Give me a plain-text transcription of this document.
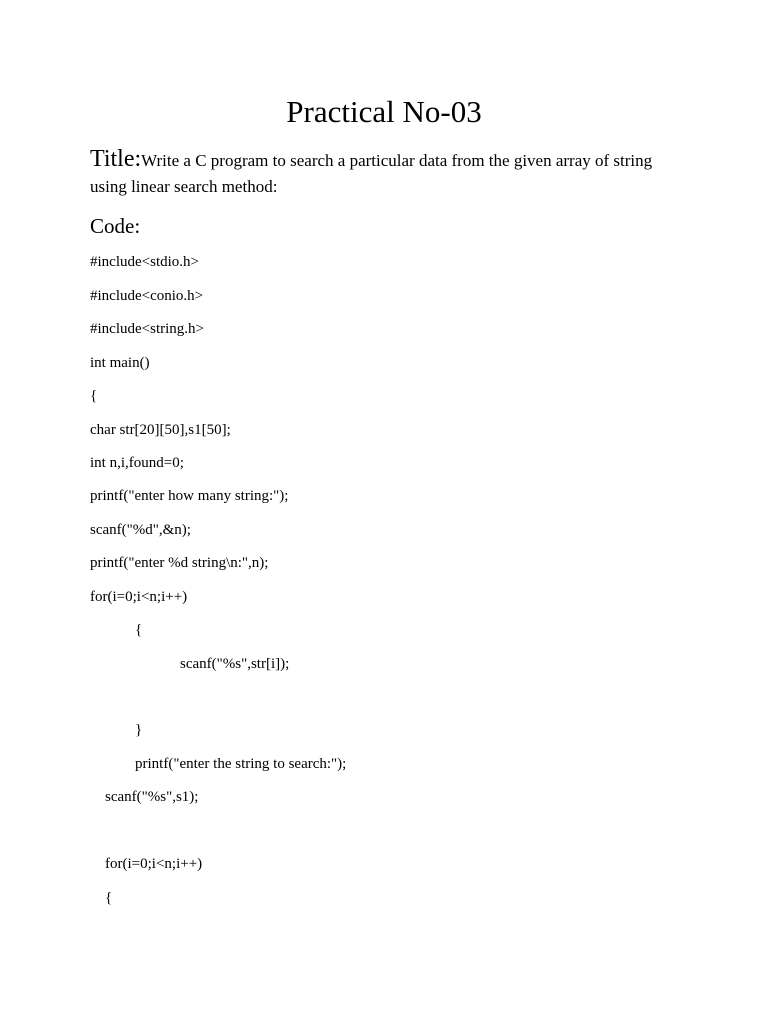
Practical No-03

Title:Write a C program to search a particular data from the given array of string using linear search method:

Code:
#include<stdio.h>
#include<conio.h>
#include<string.h>
int main()
{
char str[20][50],s1[50];
int n,i,found=0;
printf("enter how many string:");
scanf("%d",&n);
printf("enter %d string\n:",n);
for(i=0;i<n;i++)
{
scanf("%s",str[i]);
}
printf("enter the string to search:");
scanf("%s",s1);
for(i=0;i<n;i++)
{
